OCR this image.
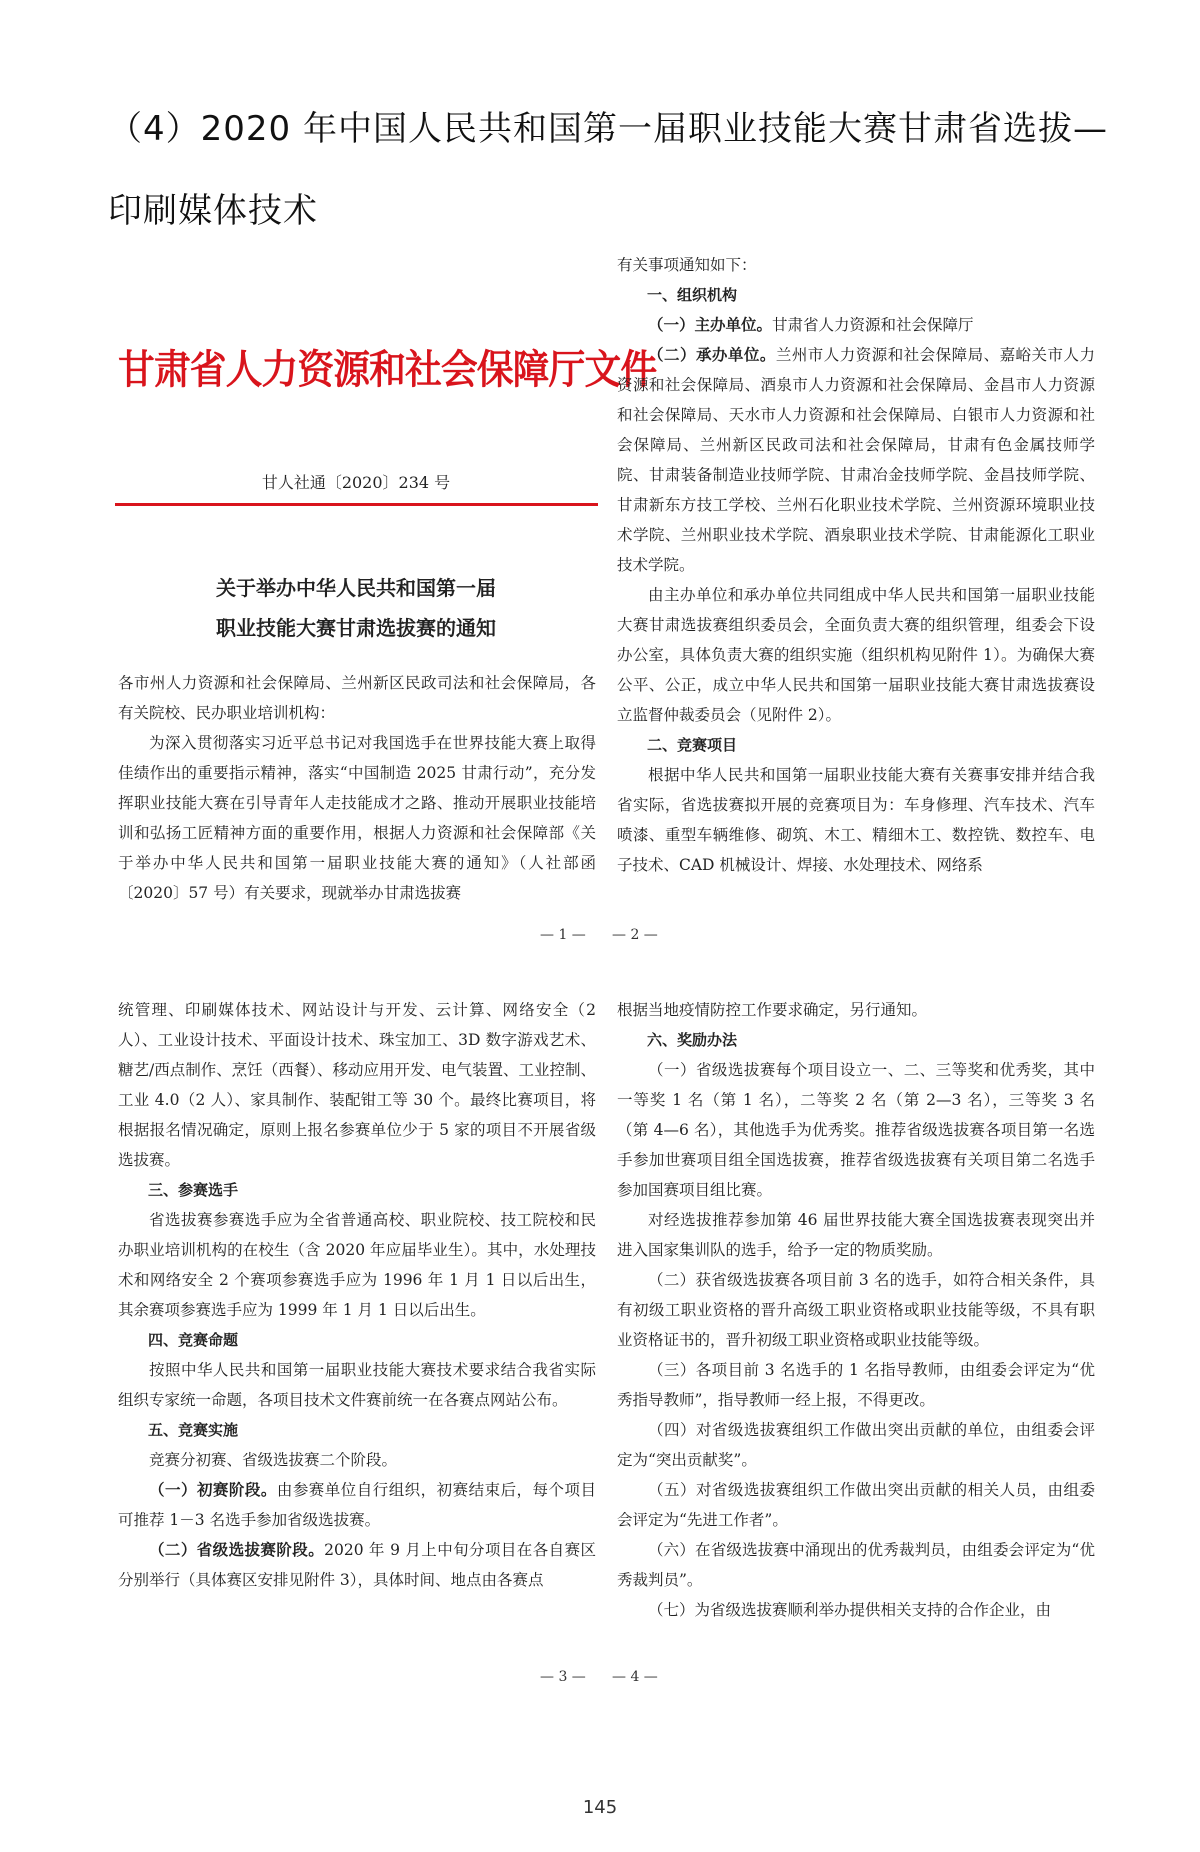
（4）2020 年中国人民共和国第一届职业技能大赛甘肃省选拔—
印刷媒体技术
甘肃省人力资源和社会保障厅文件
甘人社通〔2020〕234 号
关于举办中华人民共和国第一届
职业技能大赛甘肃选拔赛的通知

各市州人力资源和社会保障局、兰州新区民政司法和社会保障局，各有关院校、民办职业培训机构：

为深入贯彻落实习近平总书记对我国选手在世界技能大赛上取得佳绩作出的重要指示精神，落实“中国制造 2025 甘肃行动”，充分发挥职业技能大赛在引导青年人走技能成才之路、推动开展职业技能培训和弘扬工匠精神方面的重要作用，根据人力资源和社会保障部《关于举办中华人民共和国第一届职业技能大赛的通知》（人社部函〔2020〕57 号）有关要求，现就举办甘肃选拔赛

— 1 —

有关事项通知如下：

一、组织机构

（一）主办单位。甘肃省人力资源和社会保障厅

（二）承办单位。兰州市人力资源和社会保障局、嘉峪关市人力资源和社会保障局、酒泉市人力资源和社会保障局、金昌市人力资源和社会保障局、天水市人力资源和社会保障局、白银市人力资源和社会保障局、兰州新区民政司法和社会保障局，甘肃有色金属技师学院、甘肃装备制造业技师学院、甘肃冶金技师学院、金昌技师学院、甘肃新东方技工学校、兰州石化职业技术学院、兰州资源环境职业技术学院、兰州职业技术学院、酒泉职业技术学院、甘肃能源化工职业技术学院。

由主办单位和承办单位共同组成中华人民共和国第一届职业技能大赛甘肃选拔赛组织委员会，全面负责大赛的组织管理，组委会下设办公室，具体负责大赛的组织实施（组织机构见附件 1）。为确保大赛公平、公正，成立中华人民共和国第一届职业技能大赛甘肃选拔赛设立监督仲裁委员会（见附件 2）。

二、竞赛项目

根据中华人民共和国第一届职业技能大赛有关赛事安排并结合我省实际，省选拔赛拟开展的竞赛项目为：车身修理、汽车技术、汽车喷漆、重型车辆维修、砌筑、木工、精细木工、数控铣、数控车、电子技术、CAD 机械设计、焊接、水处理技术、网络系

— 2 —

统管理、印刷媒体技术、网站设计与开发、云计算、网络安全（2 人）、工业设计技术、平面设计技术、珠宝加工、3D 数字游戏艺术、糖艺/西点制作、烹饪（西餐）、移动应用开发、电气装置、工业控制、工业 4.0（2 人）、家具制作、装配钳工等 30 个。最终比赛项目，将根据报名情况确定，原则上报名参赛单位少于 5 家的项目不开展省级选拔赛。

三、参赛选手

省选拔赛参赛选手应为全省普通高校、职业院校、技工院校和民办职业培训机构的在校生（含 2020 年应届毕业生）。其中，水处理技术和网络安全 2 个赛项参赛选手应为 1996 年 1 月 1 日以后出生，其余赛项参赛选手应为 1999 年 1 月 1 日以后出生。

四、竞赛命题

按照中华人民共和国第一届职业技能大赛技术要求结合我省实际组织专家统一命题，各项目技术文件赛前统一在各赛点网站公布。

五、竞赛实施

竞赛分初赛、省级选拔赛二个阶段。

（一）初赛阶段。由参赛单位自行组织，初赛结束后，每个项目可推荐 1－3 名选手参加省级选拔赛。

（二）省级选拔赛阶段。2020 年 9 月上中旬分项目在各自赛区分别举行（具体赛区安排见附件 3），具体时间、地点由各赛点

— 3 —

根据当地疫情防控工作要求确定，另行通知。

六、奖励办法

（一）省级选拔赛每个项目设立一、二、三等奖和优秀奖，其中一等奖 1 名（第 1 名），二等奖 2 名（第 2—3 名），三等奖 3 名（第 4—6 名），其他选手为优秀奖。推荐省级选拔赛各项目第一名选手参加世赛项目组全国选拔赛，推荐省级选拔赛有关项目第二名选手参加国赛项目组比赛。

对经选拔推荐参加第 46 届世界技能大赛全国选拔赛表现突出并进入国家集训队的选手，给予一定的物质奖励。

（二）获省级选拔赛各项目前 3 名的选手，如符合相关条件，具有初级工职业资格的晋升高级工职业资格或职业技能等级，不具有职业资格证书的，晋升初级工职业资格或职业技能等级。

（三）各项目前 3 名选手的 1 名指导教师，由组委会评定为“优秀指导教师”，指导教师一经上报，不得更改。

（四）对省级选拔赛组织工作做出突出贡献的单位，由组委会评定为“突出贡献奖”。

（五）对省级选拔赛组织工作做出突出贡献的相关人员，由组委会评定为“先进工作者”。

（六）在省级选拔赛中涌现出的优秀裁判员，由组委会评定为“优秀裁判员”。

（七）为省级选拔赛顺利举办提供相关支持的合作企业，由

— 4 —
145
